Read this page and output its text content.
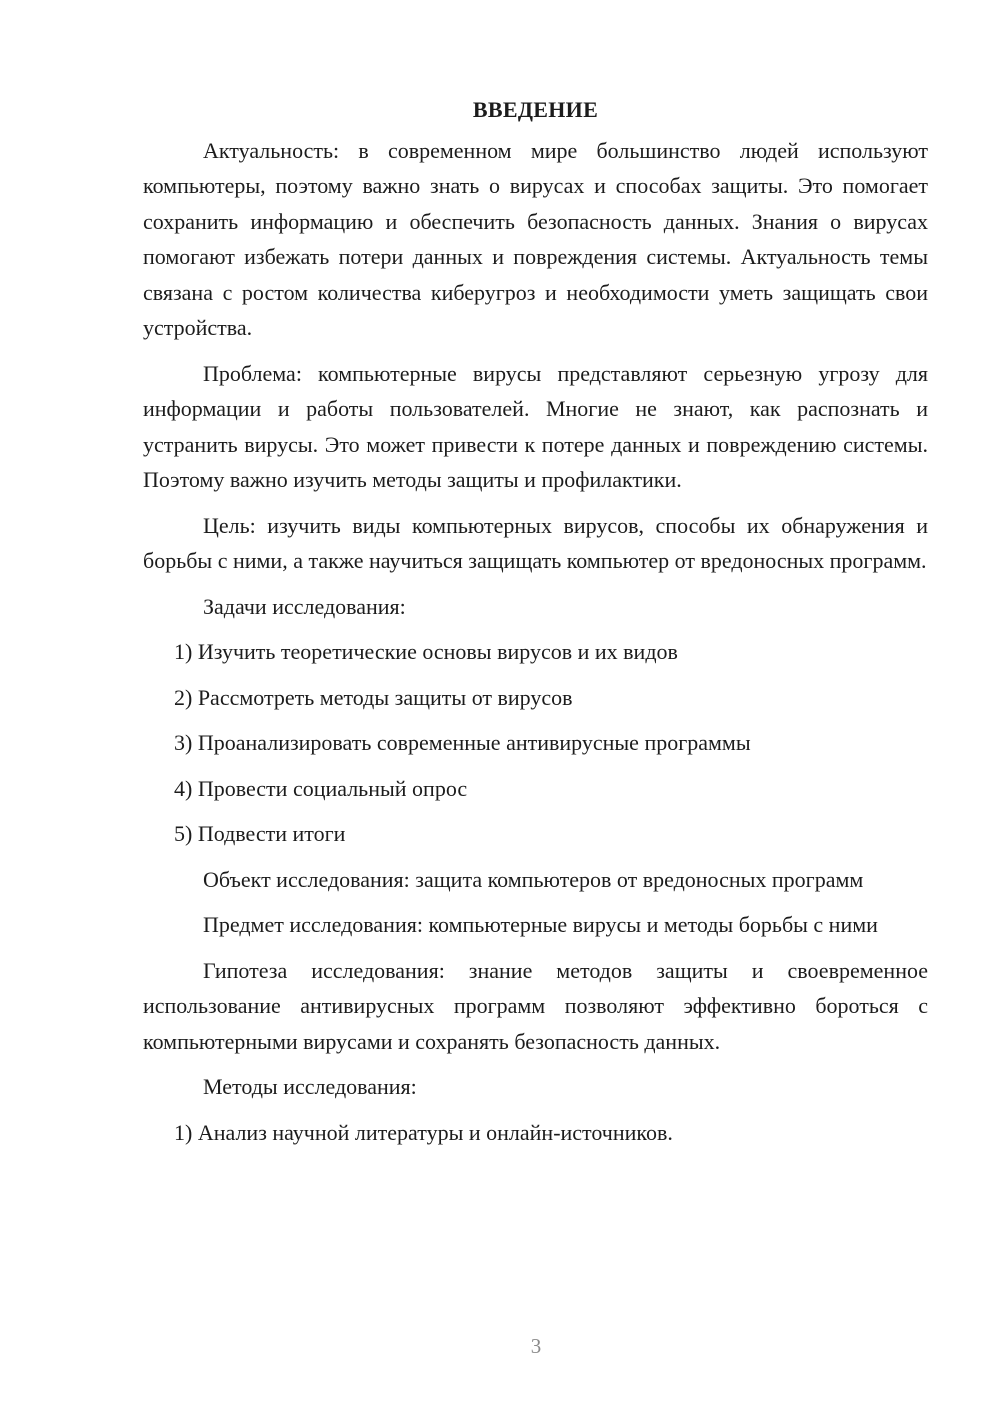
ВВЕДЕНИЕ

Актуальность: в современном мире большинство людей используют компьютеры, поэтому важно знать о вирусах и способах защиты. Это помогает сохранить информацию и обеспечить безопасность данных. Знания о вирусах помогают избежать потери данных и повреждения системы. Актуальность темы связана с ростом количества киберугроз и необходимости уметь защищать свои устройства.

Проблема: компьютерные вирусы представляют серьезную угрозу для информации и работы пользователей. Многие не знают, как распознать и устранить вирусы. Это может привести к потере данных и повреждению системы. Поэтому важно изучить методы защиты и профилактики.

Цель: изучить виды компьютерных вирусов, способы их обнаружения и борьбы с ними, а также научиться защищать компьютер от вредоносных программ.

Задачи исследования:

1) Изучить теоретические основы вирусов и их видов

2) Рассмотреть методы защиты от вирусов

3) Проанализировать современные антивирусные программы

4) Провести социальный опрос

5) Подвести итоги

Объект исследования: защита компьютеров от вредоносных программ

Предмет исследования: компьютерные вирусы и методы борьбы с ними

Гипотеза исследования: знание методов защиты и своевременное использование антивирусных программ позволяют эффективно бороться с компьютерными вирусами и сохранять безопасность данных.

Методы исследования:

1) Анализ научной литературы и онлайн-источников.

3
